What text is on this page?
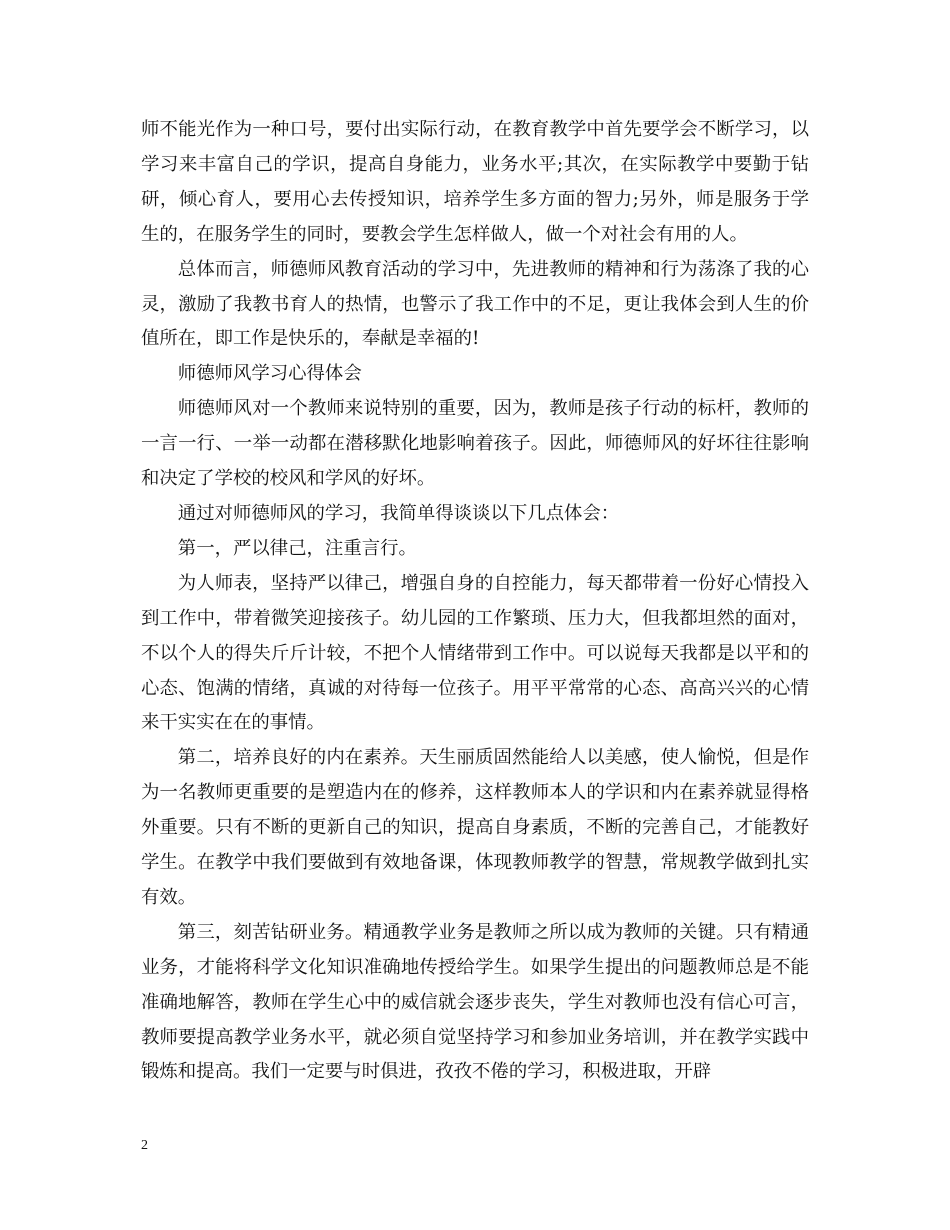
师不能光作为一种口号，要付出实际行动，在教育教学中首先要学会不断学习，以学习来丰富自己的学识，提高自身能力，业务水平;其次，在实际教学中要勤于钻研，倾心育人，要用心去传授知识，培养学生多方面的智力;另外，师是服务于学生的，在服务学生的同时，要教会学生怎样做人，做一个对社会有用的人。

总体而言，师德师风教育活动的学习中，先进教师的精神和行为荡涤了我的心灵，激励了我教书育人的热情，也警示了我工作中的不足，更让我体会到人生的价值所在，即工作是快乐的，奉献是幸福的!

师德师风学习心得体会

师德师风对一个教师来说特别的重要，因为，教师是孩子行动的标杆，教师的一言一行、一举一动都在潜移默化地影响着孩子。因此，师德师风的好坏往往影响和决定了学校的校风和学风的好坏。

通过对师德师风的学习，我简单得谈谈以下几点体会：

第一，严以律己，注重言行。

为人师表，坚持严以律己，增强自身的自控能力，每天都带着一份好心情投入到工作中，带着微笑迎接孩子。幼儿园的工作繁琐、压力大，但我都坦然的面对，不以个人的得失斤斤计较，不把个人情绪带到工作中。可以说每天我都是以平和的心态、饱满的情绪，真诚的对待每一位孩子。用平平常常的心态、高高兴兴的心情来干实实在在的事情。

第二，培养良好的内在素养。天生丽质固然能给人以美感，使人愉悦，但是作为一名教师更重要的是塑造内在的修养，这样教师本人的学识和内在素养就显得格外重要。只有不断的更新自己的知识，提高自身素质，不断的完善自己，才能教好学生。在教学中我们要做到有效地备课，体现教师教学的智慧，常规教学做到扎实有效。

第三，刻苦钻研业务。精通教学业务是教师之所以成为教师的关键。只有精通业务，才能将科学文化知识准确地传授给学生。如果学生提出的问题教师总是不能准确地解答，教师在学生心中的威信就会逐步丧失，学生对教师也没有信心可言，教师要提高教学业务水平，就必须自觉坚持学习和参加业务培训，并在教学实践中锻炼和提高。我们一定要与时俱进，孜孜不倦的学习，积极进取，开辟

2
